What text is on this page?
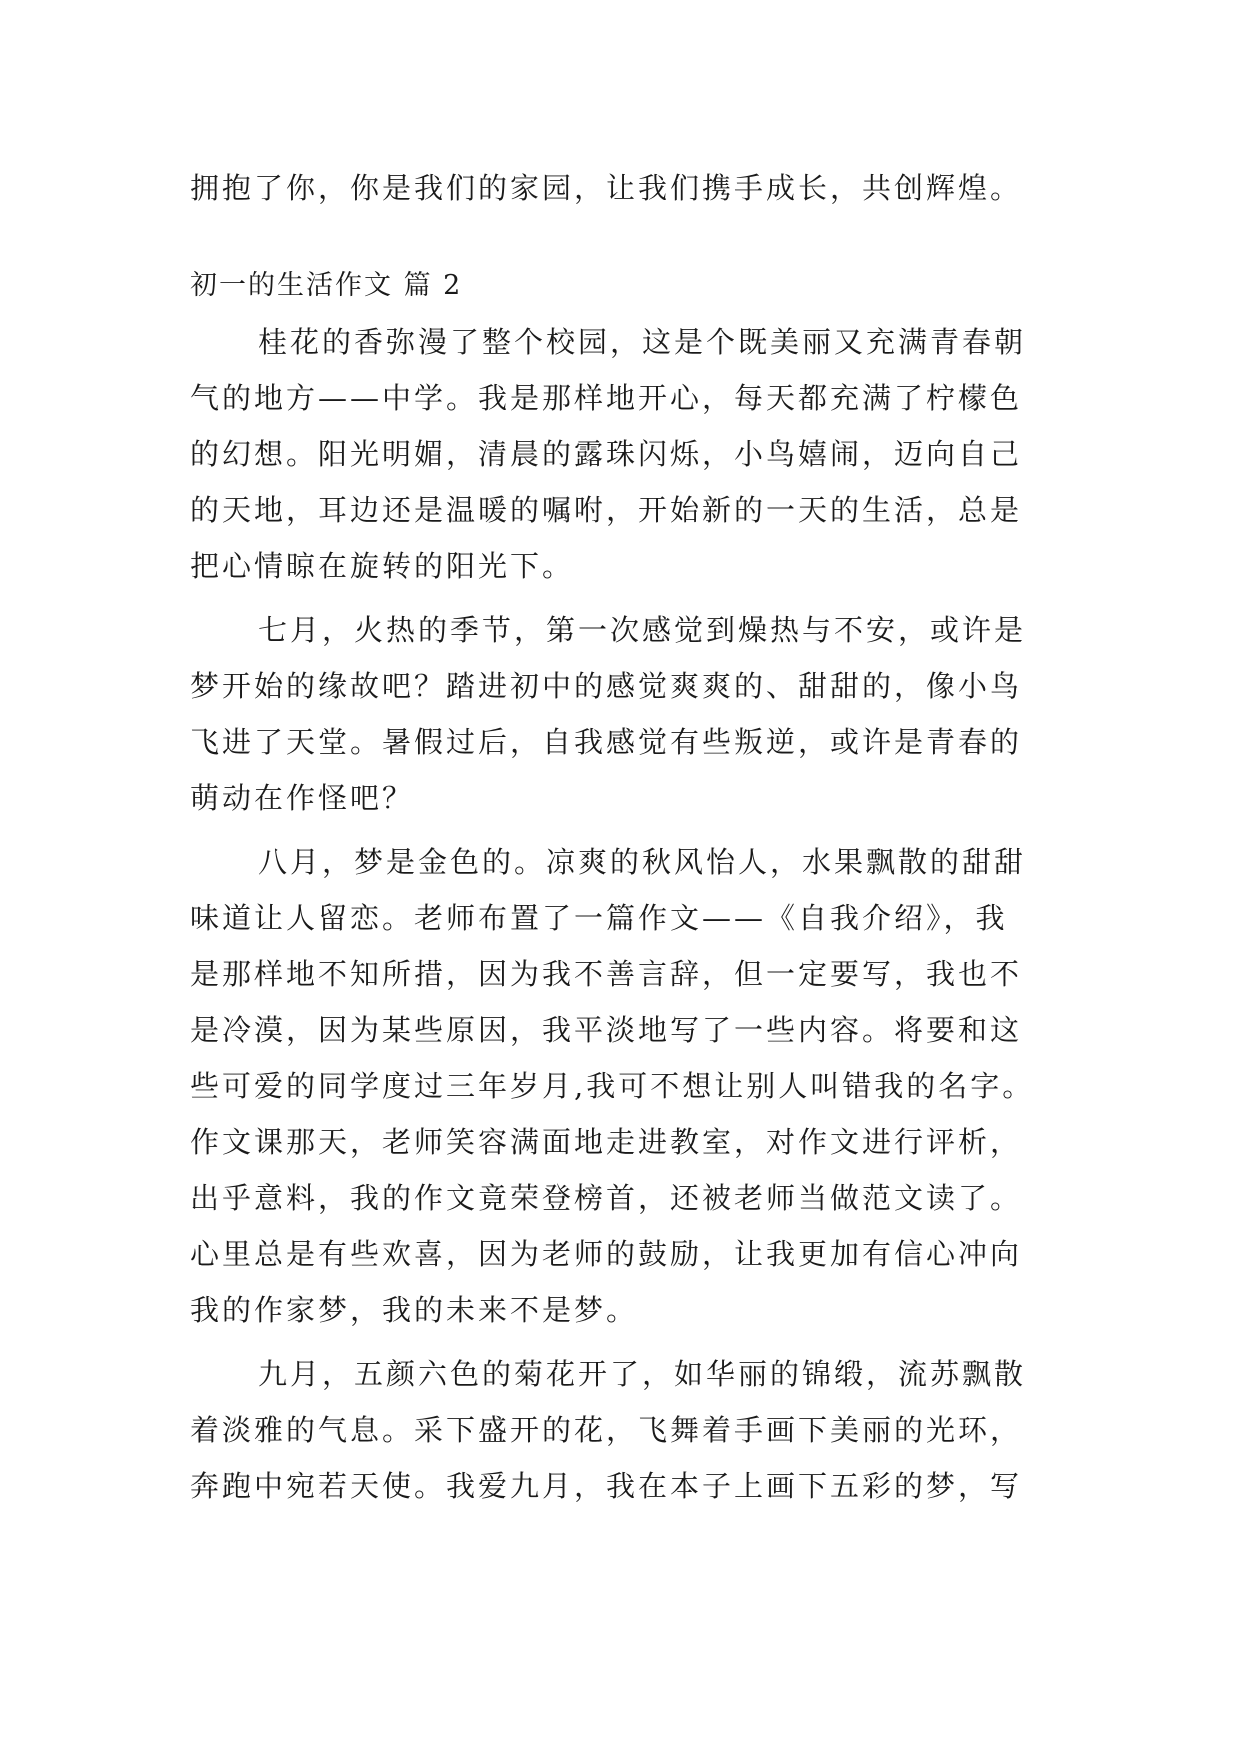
拥抱了你，你是我们的家园，让我们携手成长，共创辉煌。
初一的生活作文 篇 2
桂花的香弥漫了整个校园，这是个既美丽又充满青春朝
气的地方——中学。我是那样地开心，每天都充满了柠檬色
的幻想。阳光明媚，清晨的露珠闪烁，小鸟嬉闹，迈向自己
的天地，耳边还是温暖的嘱咐，开始新的一天的生活，总是
把心情晾在旋转的阳光下。
七月，火热的季节，第一次感觉到燥热与不安，或许是
梦开始的缘故吧？踏进初中的感觉爽爽的、甜甜的，像小鸟
飞进了天堂。暑假过后，自我感觉有些叛逆，或许是青春的
萌动在作怪吧？
八月，梦是金色的。凉爽的秋风怡人，水果飘散的甜甜
味道让人留恋。老师布置了一篇作文——《自我介绍》，我
是那样地不知所措，因为我不善言辞，但一定要写，我也不
是冷漠，因为某些原因，我平淡地写了一些内容。将要和这
些可爱的同学度过三年岁月,我可不想让别人叫错我的名字。
作文课那天，老师笑容满面地走进教室，对作文进行评析，
出乎意料，我的作文竟荣登榜首，还被老师当做范文读了。
心里总是有些欢喜，因为老师的鼓励，让我更加有信心冲向
我的作家梦，我的未来不是梦。
九月，五颜六色的菊花开了，如华丽的锦缎，流苏飘散
着淡雅的气息。采下盛开的花，飞舞着手画下美丽的光环，
奔跑中宛若天使。我爱九月，我在本子上画下五彩的梦，写
